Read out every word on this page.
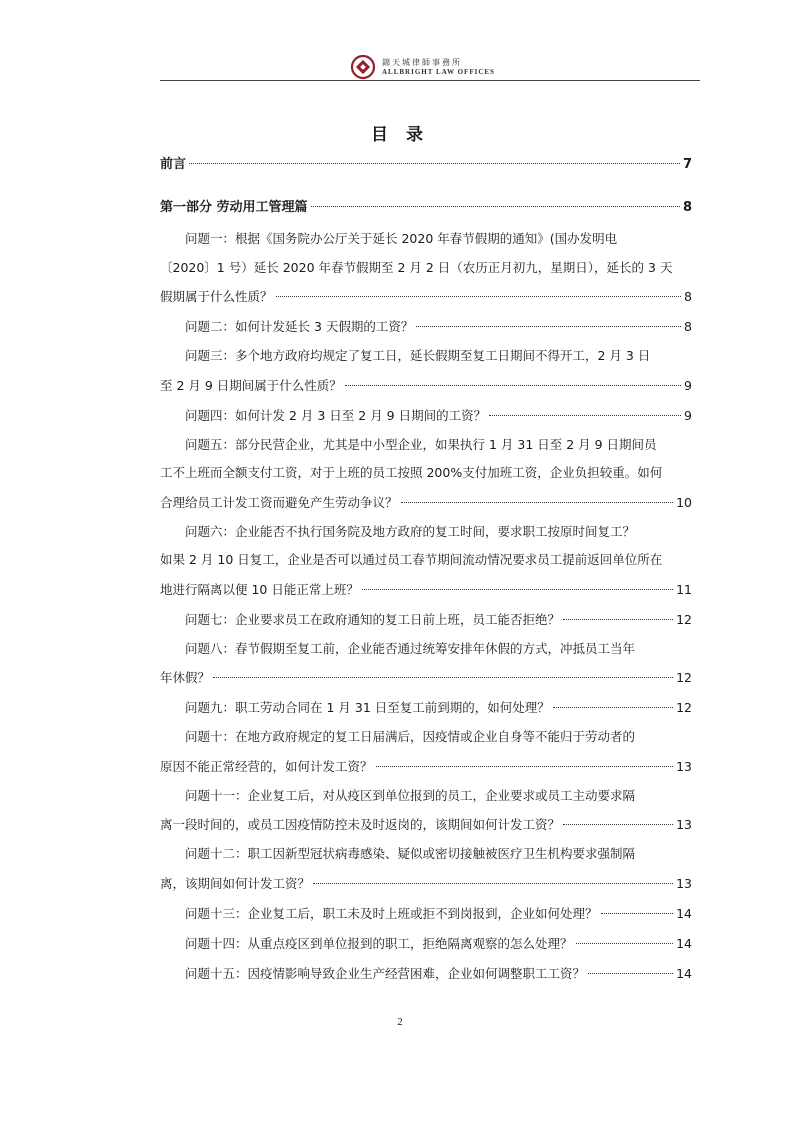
錦天城律師事務所
ALLBRIGHT LAW OFFICES
目 录
前言	7
第一部分 劳动用工管理篇	8
问题一：根据《国务院办公厅关于延长 2020 年春节假期的通知》(国办发明电
〔2020〕1 号）延长 2020 年春节假期至 2 月 2 日（农历正月初九，星期日），延长的 3 天
假期属于什么性质？	8
问题二：如何计发延长 3 天假期的工资？	8
问题三：多个地方政府均规定了复工日，延长假期至复工日期间不得开工，2 月 3 日
至 2 月 9 日期间属于什么性质？	9
问题四：如何计发 2 月 3 日至 2 月 9 日期间的工资？	9
问题五：部分民营企业，尤其是中小型企业，如果执行 1 月 31 日至 2 月 9 日期间员
工不上班而全额支付工资，对于上班的员工按照 200%支付加班工资，企业负担较重。如何
合理给员工计发工资而避免产生劳动争议？	10
问题六：企业能否不执行国务院及地方政府的复工时间，要求职工按原时间复工？
如果 2 月 10 日复工，企业是否可以通过员工春节期间流动情况要求员工提前返回单位所在
地进行隔离以便 10 日能正常上班？	11
问题七：企业要求员工在政府通知的复工日前上班，员工能否拒绝？	12
问题八：春节假期至复工前，企业能否通过统筹安排年休假的方式，冲抵员工当年
年休假？	12
问题九：职工劳动合同在 1 月 31 日至复工前到期的，如何处理？	12
问题十：在地方政府规定的复工日届满后，因疫情或企业自身等不能归于劳动者的
原因不能正常经营的，如何计发工资？	13
问题十一：企业复工后，对从疫区到单位报到的员工，企业要求或员工主动要求隔
离一段时间的，或员工因疫情防控未及时返岗的，该期间如何计发工资？	13
问题十二：职工因新型冠状病毒感染、疑似或密切接触被医疗卫生机构要求强制隔
离，该期间如何计发工资？	13
问题十三：企业复工后，职工未及时上班或拒不到岗报到，企业如何处理？	14
问题十四：从重点疫区到单位报到的职工，拒绝隔离观察的怎么处理？	14
问题十五：因疫情影响导致企业生产经营困难，企业如何调整职工工资？	14
2
